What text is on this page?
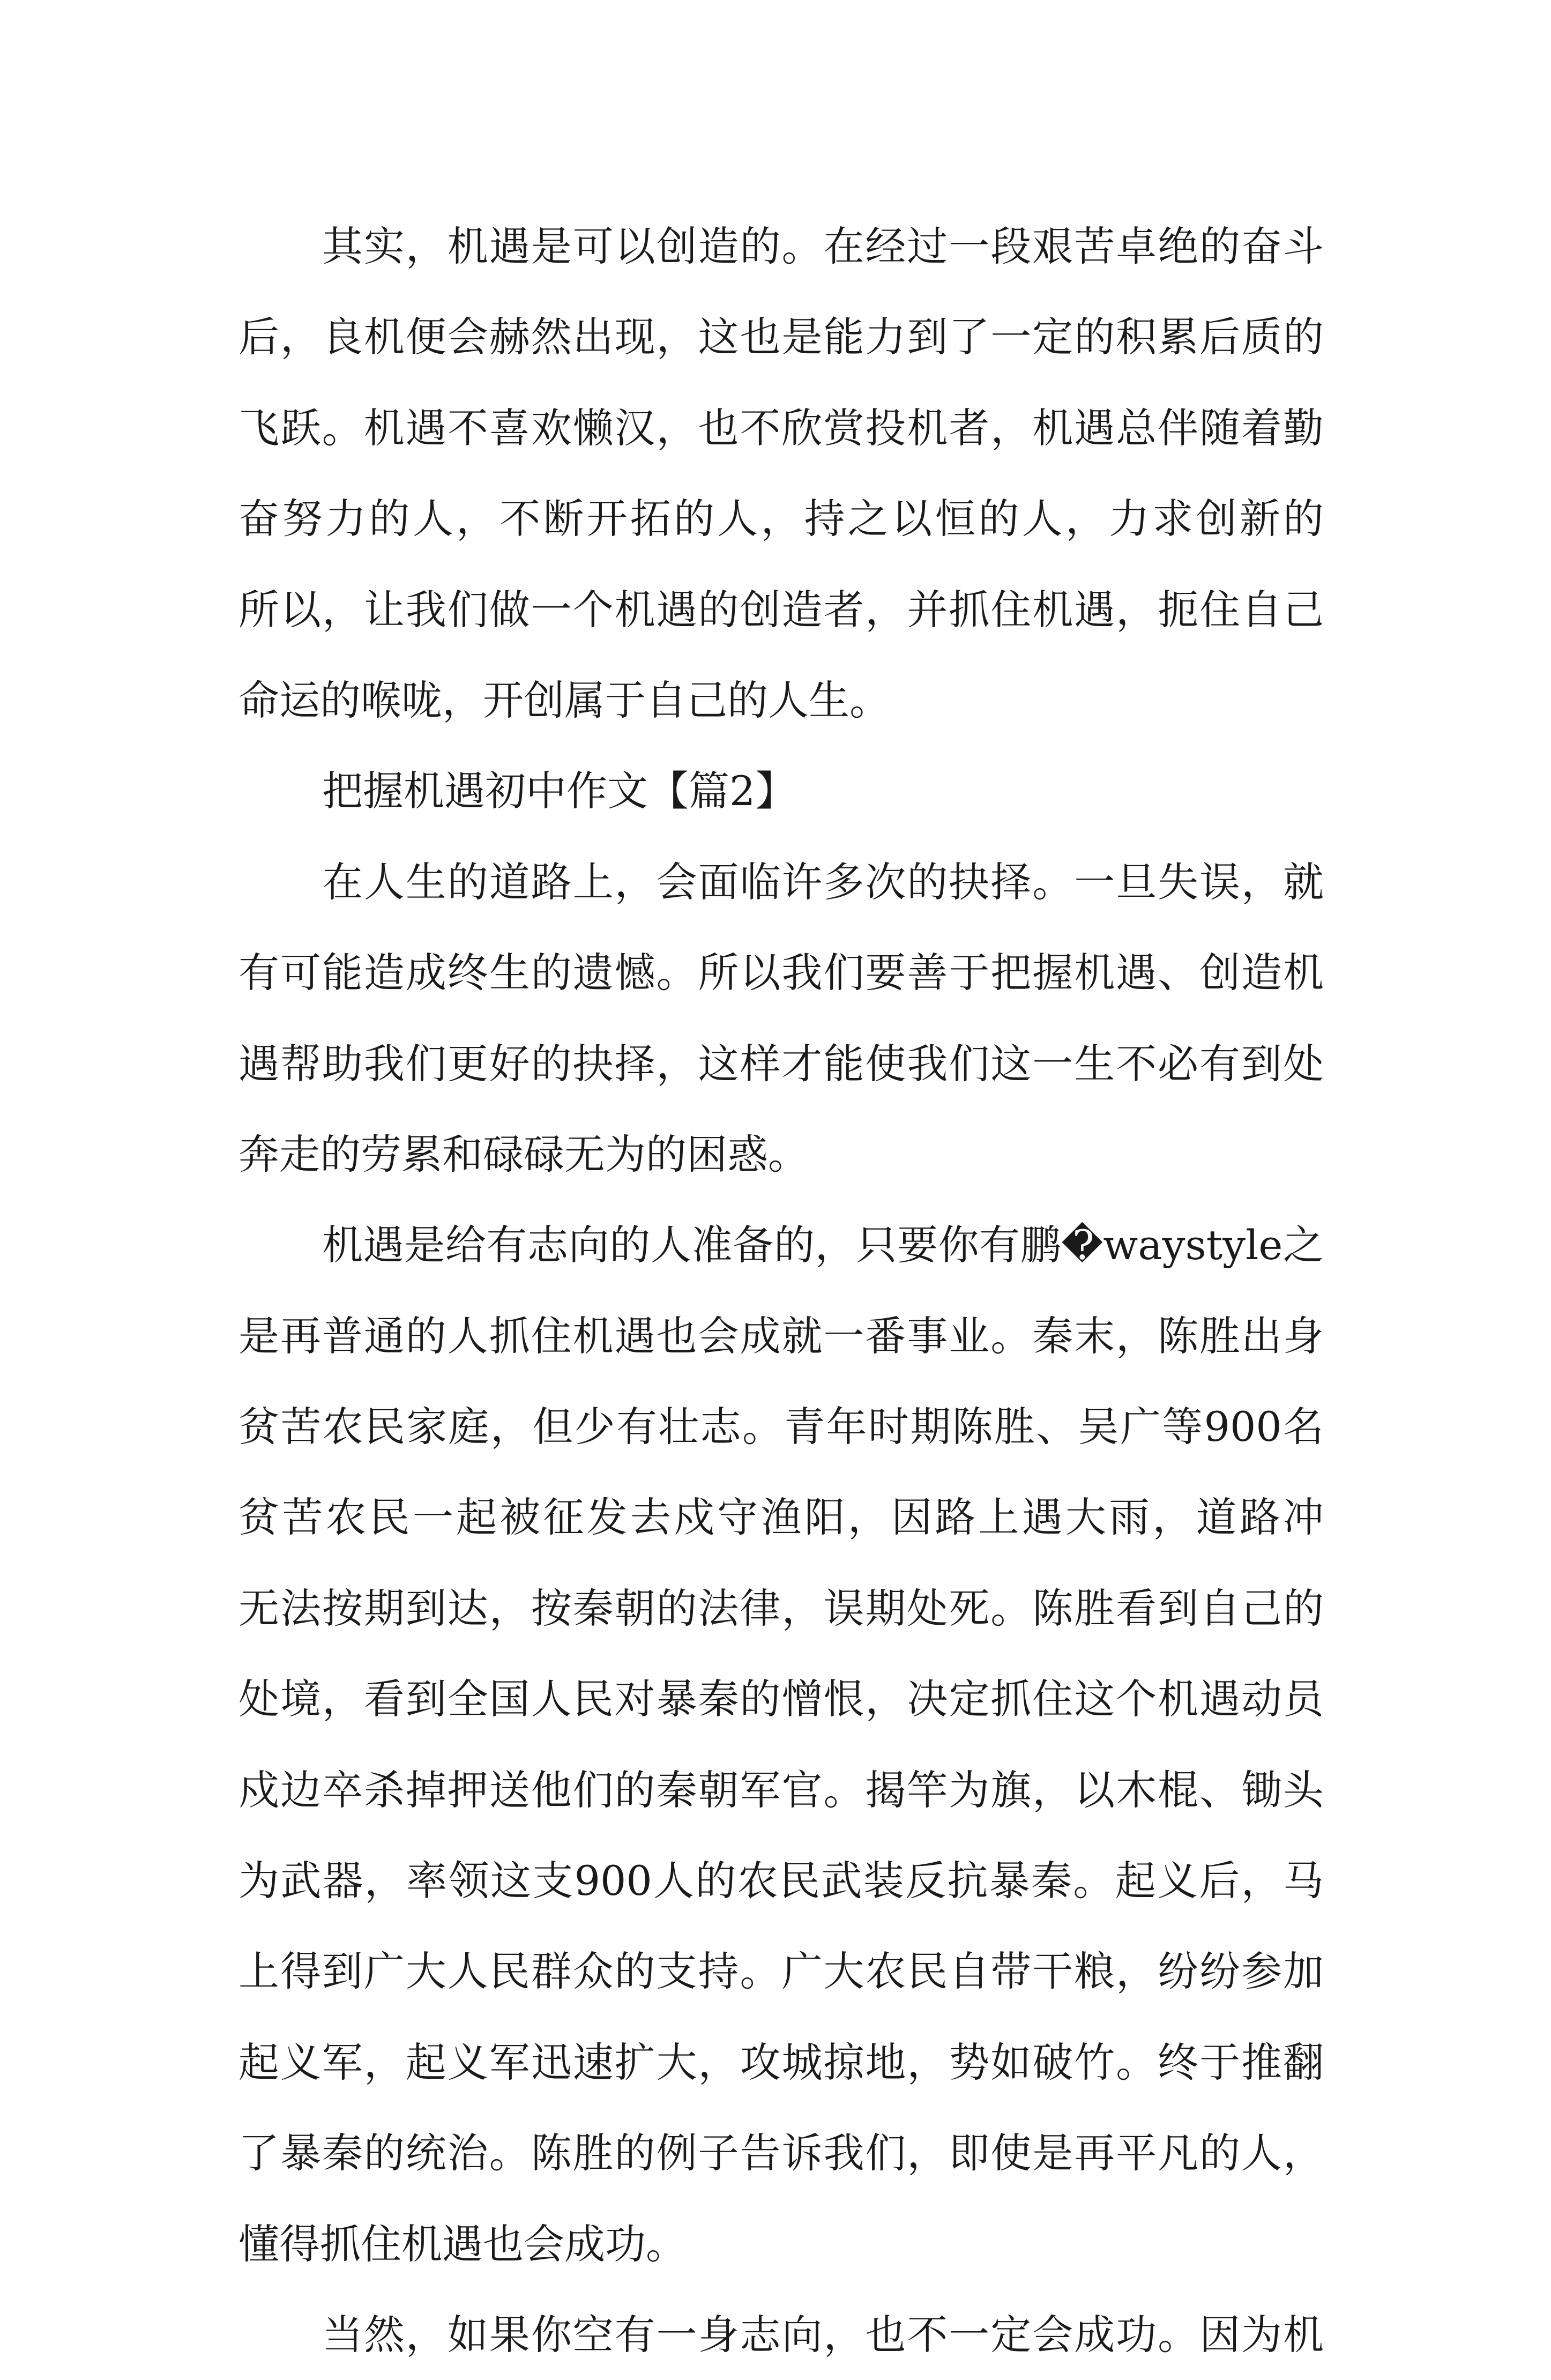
其实，机遇是可以创造的。在经过一段艰苦卓绝的奋斗
后，良机便会赫然出现，这也是能力到了一定的积累后质的
飞跃。机遇不喜欢懒汉，也不欣赏投机者，机遇总伴随着勤
奋努力的人，不断开拓的人，持之以恒的人，力求创新的
所以，让我们做一个机遇的创造者，并抓住机遇，扼住自己
命运的喉咙，开创属于自己的人生。
把握机遇初中作文【篇2】
在人生的道路上，会面临许多次的抉择。一旦失误，就
有可能造成终生的遗憾。所以我们要善于把握机遇、创造机
遇帮助我们更好的抉择，这样才能使我们这一生不必有到处
奔走的劳累和碌碌无为的困惑。
机遇是给有志向的人准备的，只要你有鹏�waystyle之
是再普通的人抓住机遇也会成就一番事业。秦末，陈胜出身
贫苦农民家庭，但少有壮志。青年时期陈胜、吴广等900名
贫苦农民一起被征发去戍守渔阳，因路上遇大雨，道路冲
无法按期到达，按秦朝的法律，误期处死。陈胜看到自己的
处境，看到全国人民对暴秦的憎恨，决定抓住这个机遇动员
戍边卒杀掉押送他们的秦朝军官。揭竿为旗，以木棍、锄头
为武器，率领这支900人的农民武装反抗暴秦。起义后，马
上得到广大人民群众的支持。广大农民自带干粮，纷纷参加
起义军，起义军迅速扩大，攻城掠地，势如破竹。终于推翻
了暴秦的统治。陈胜的例子告诉我们，即使是再平凡的人，
懂得抓住机遇也会成功。
当然，如果你空有一身志向，也不一定会成功。因为机
